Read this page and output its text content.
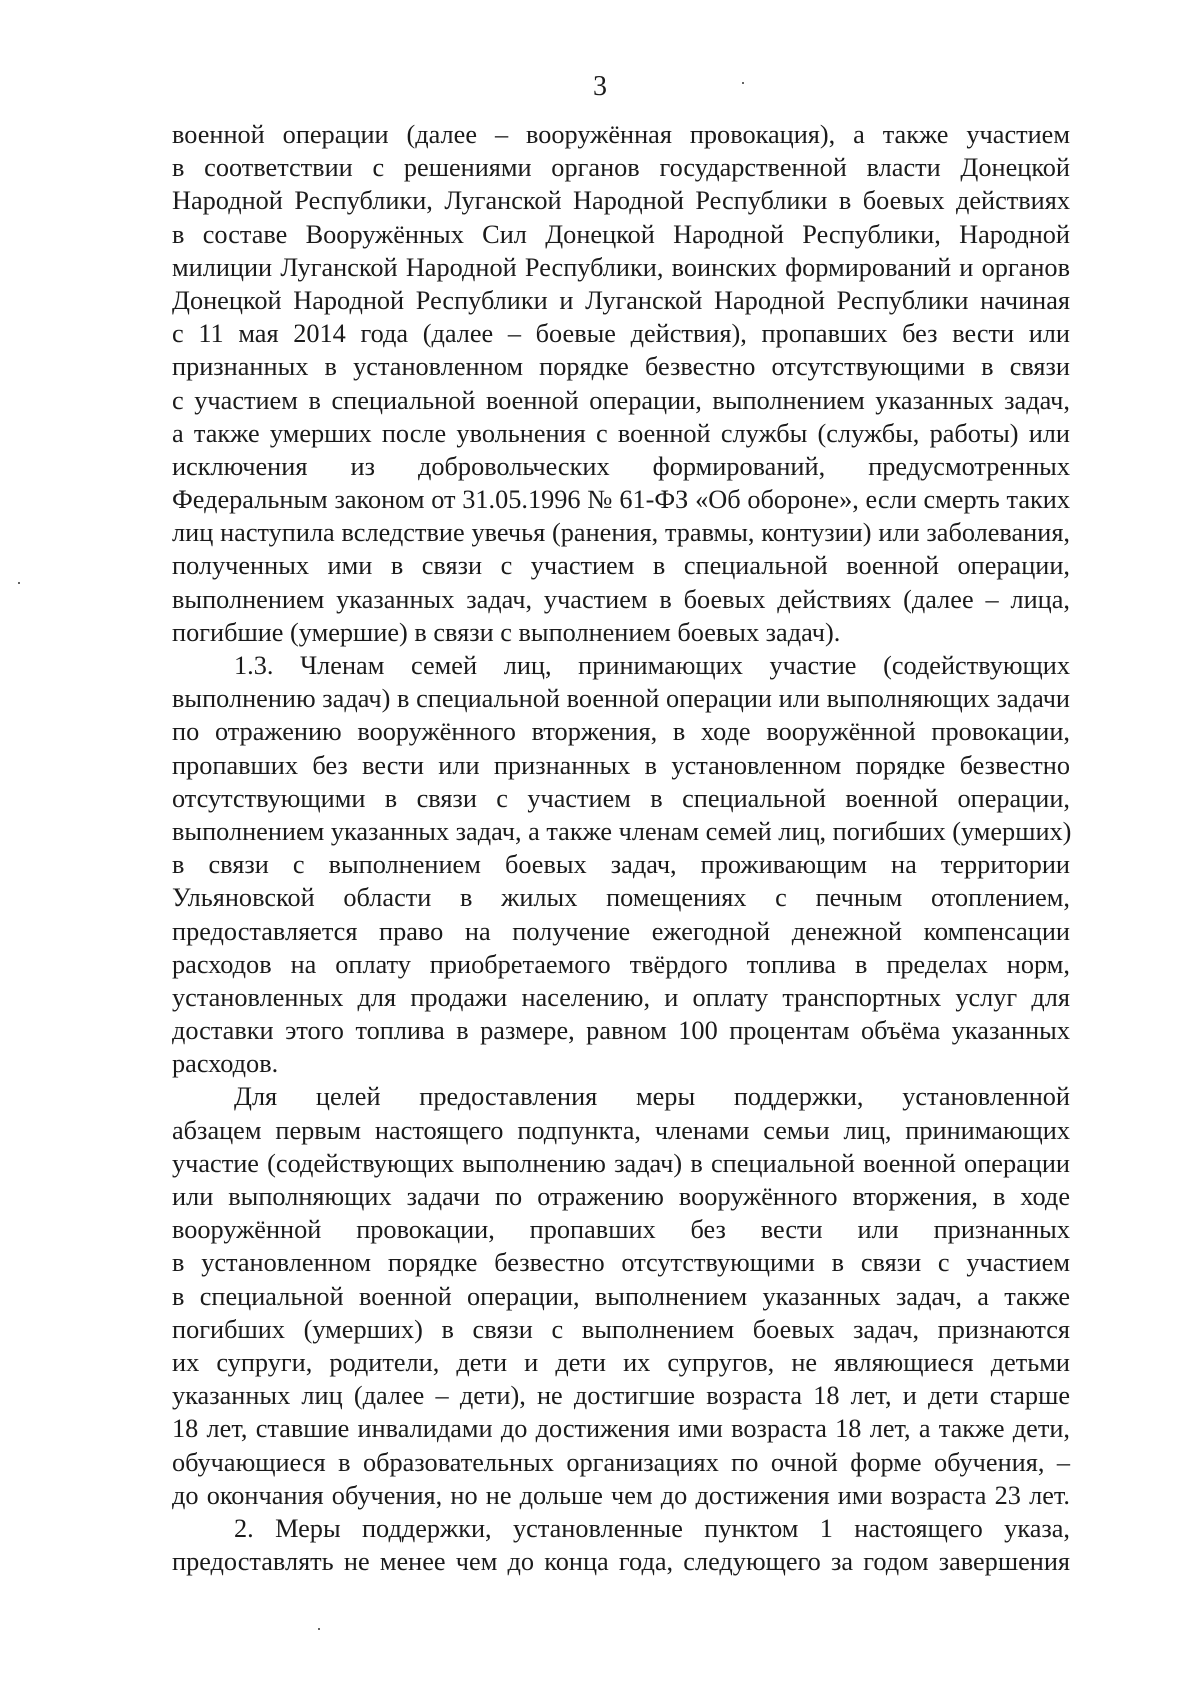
3
военной операции (далее – вооружённая провокация), а также участием
в соответствии с решениями органов государственной власти Донецкой
Народной Республики, Луганской Народной Республики в боевых действиях
в составе Вооружённых Сил Донецкой Народной Республики, Народной
милиции Луганской Народной Республики, воинских формирований и органов
Донецкой Народной Республики и Луганской Народной Республики начиная
с 11 мая 2014 года (далее – боевые действия), пропавших без вести или
признанных в установленном порядке безвестно отсутствующими в связи
с участием в специальной военной операции, выполнением указанных задач,
а также умерших после увольнения с военной службы (службы, работы) или
исключения из добровольческих формирований, предусмотренных
Федеральным законом от 31.05.1996 № 61-ФЗ «Об обороне», если смерть таких
лиц наступила вследствие увечья (ранения, травмы, контузии) или заболевания,
полученных ими в связи с участием в специальной военной операции,
выполнением указанных задач, участием в боевых действиях (далее – лица,
погибшие (умершие) в связи с выполнением боевых задач).
1.3. Членам семей лиц, принимающих участие (содействующих
выполнению задач) в специальной военной операции или выполняющих задачи
по отражению вооружённого вторжения, в ходе вооружённой провокации,
пропавших без вести или признанных в установленном порядке безвестно
отсутствующими в связи с участием в специальной военной операции,
выполнением указанных задач, а также членам семей лиц, погибших (умерших)
в связи с выполнением боевых задач, проживающим на территории
Ульяновской области в жилых помещениях с печным отоплением,
предоставляется право на получение ежегодной денежной компенсации
расходов на оплату приобретаемого твёрдого топлива в пределах норм,
установленных для продажи населению, и оплату транспортных услуг для
доставки этого топлива в размере, равном 100 процентам объёма указанных
расходов.
Для целей предоставления меры поддержки, установленной
абзацем первым настоящего подпункта, членами семьи лиц, принимающих
участие (содействующих выполнению задач) в специальной военной операции
или выполняющих задачи по отражению вооружённого вторжения, в ходе
вооружённой провокации, пропавших без вести или признанных
в установленном порядке безвестно отсутствующими в связи с участием
в специальной военной операции, выполнением указанных задач, а также
погибших (умерших) в связи с выполнением боевых задач, признаются
их супруги, родители, дети и дети их супругов, не являющиеся детьми
указанных лиц (далее – дети), не достигшие возраста 18 лет, и дети старше
18 лет, ставшие инвалидами до достижения ими возраста 18 лет, а также дети,
обучающиеся в образовательных организациях по очной форме обучения, –
до окончания обучения, но не дольше чем до достижения ими возраста 23 лет.
2. Меры поддержки, установленные пунктом 1 настоящего указа,
предоставлять не менее чем до конца года, следующего за годом завершения
